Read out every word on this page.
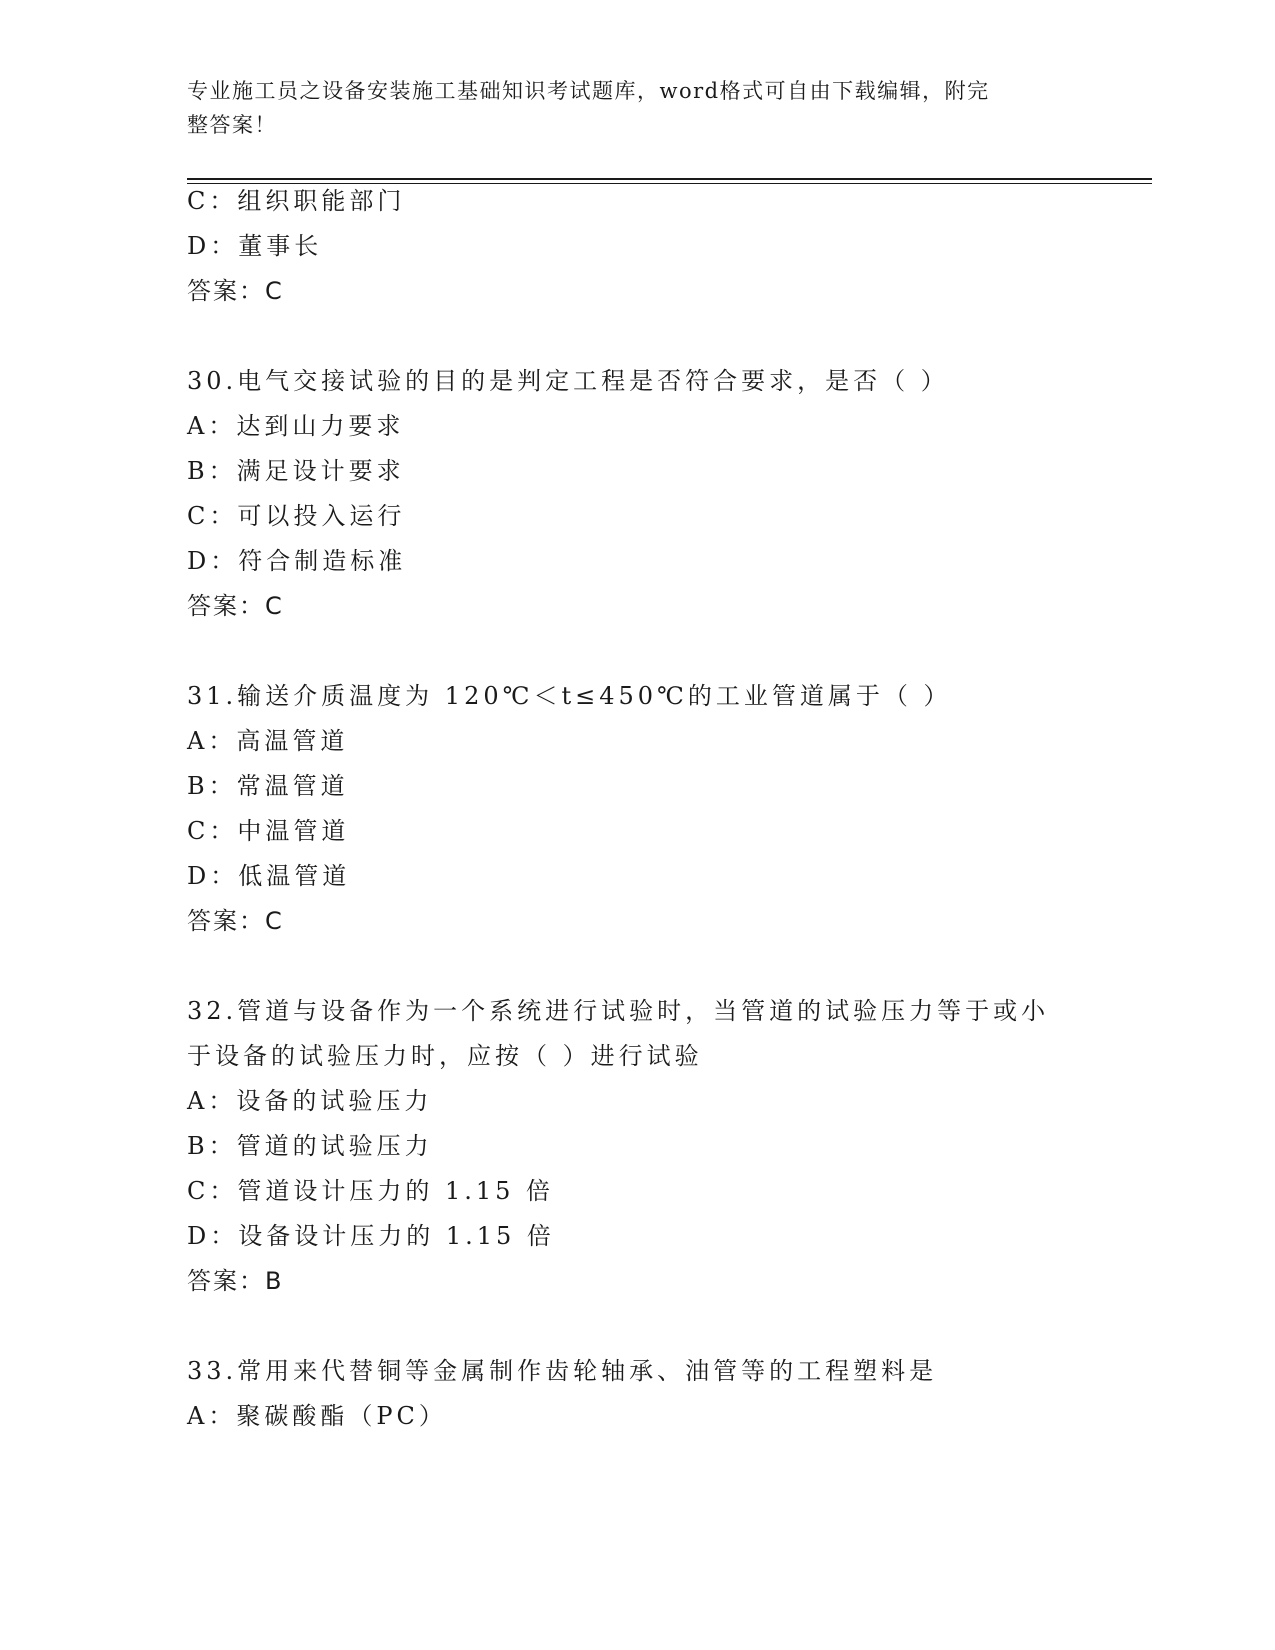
专业施工员之设备安装施工基础知识考试题库，word格式可自由下载编辑，附完
整答案！
C：组织职能部门
D：董事长
答案：C
30.电气交接试验的目的是判定工程是否符合要求，是否（ ）
A：达到山力要求
B：满足设计要求
C：可以投入运行
D：符合制造标准
答案：C
31.输送介质温度为 120℃＜t≤450℃的工业管道属于（ ）
A：高温管道
B：常温管道
C：中温管道
D：低温管道
答案：C
32.管道与设备作为一个系统进行试验时，当管道的试验压力等于或小
于设备的试验压力时，应按（ ）进行试验
A：设备的试验压力
B：管道的试验压力
C：管道设计压力的 1.15 倍
D：设备设计压力的 1.15 倍
答案：B
33.常用来代替铜等金属制作齿轮轴承、油管等的工程塑料是
A：聚碳酸酯（PC）
